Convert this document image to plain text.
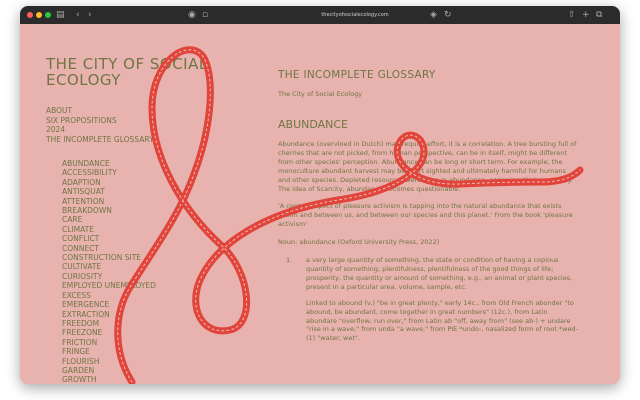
▤ ‹ ›	◉ ▫	thecityofsocialecology.com	◈ ↻	⇧ + ⧉
THE CITY OF SOCIAL ECOLOGY
ABOUT
SIX PROPOSITIONS
2024
THE INCOMPLETE GLOSSARY
ABUNDANCE
ACCESSIBILITY
ADAPTION
ANTISQUAT
ATTENTION
BREAKDOWN
CARE
CLIMATE
CONFLICT
CONNECT
CONSTRUCTION SITE
CULTIVATE
CURIOSITY
EMPLOYED UNEMPLOYED
EXCESS
EMERGENCE
EXTRACTION
FREEDOM
FREEZONE
FRICTION
FRINGE
FLOURISH
GARDEN
GROWTH
THE INCOMPLETE GLOSSARY
The City of Social Ecology
ABUNDANCE
Abundance (overvloed in Dutch) may require effort, it is a correlation. A tree bursting full of cherries that are not picked, from human perspective, can be in itself, might be different from other species' perception. Abundance can be long or short term. For example, the monoculture abundant harvest may be short sighted and ultimately harmful for humans and other species. Depleted resources were once in abundance, assigning it's temporality. The idea of Scarcity, abundance becomes questionable.
'A central aspect of pleasure activism is tapping into the natural abundance that exists within and between us, and between our species and this planet.' From the book 'pleasure activism'
Noun: abundance (Oxford University Press, 2022)
1. a very large quantity of something, the state or condition of having a copious quantity of something; plentifulness, plentifulness of the good things of life; prosperity, the quantity or amount of something, e.g., an animal or plant species, present in a particular area, volume, sample, etc.
Linked to abound (v.) "be in great plenty," early 14c., from Old French abonder "to abound, be abundant, come together in great numbers" (12c.), from Latin abundare "overflow, run over," from Latin ab "off, away from" (see ab-) + undare "rise in a wave," from unda "a wave," from PIE *undo-, nasalized form of root *wed- (1) "water; wet".
